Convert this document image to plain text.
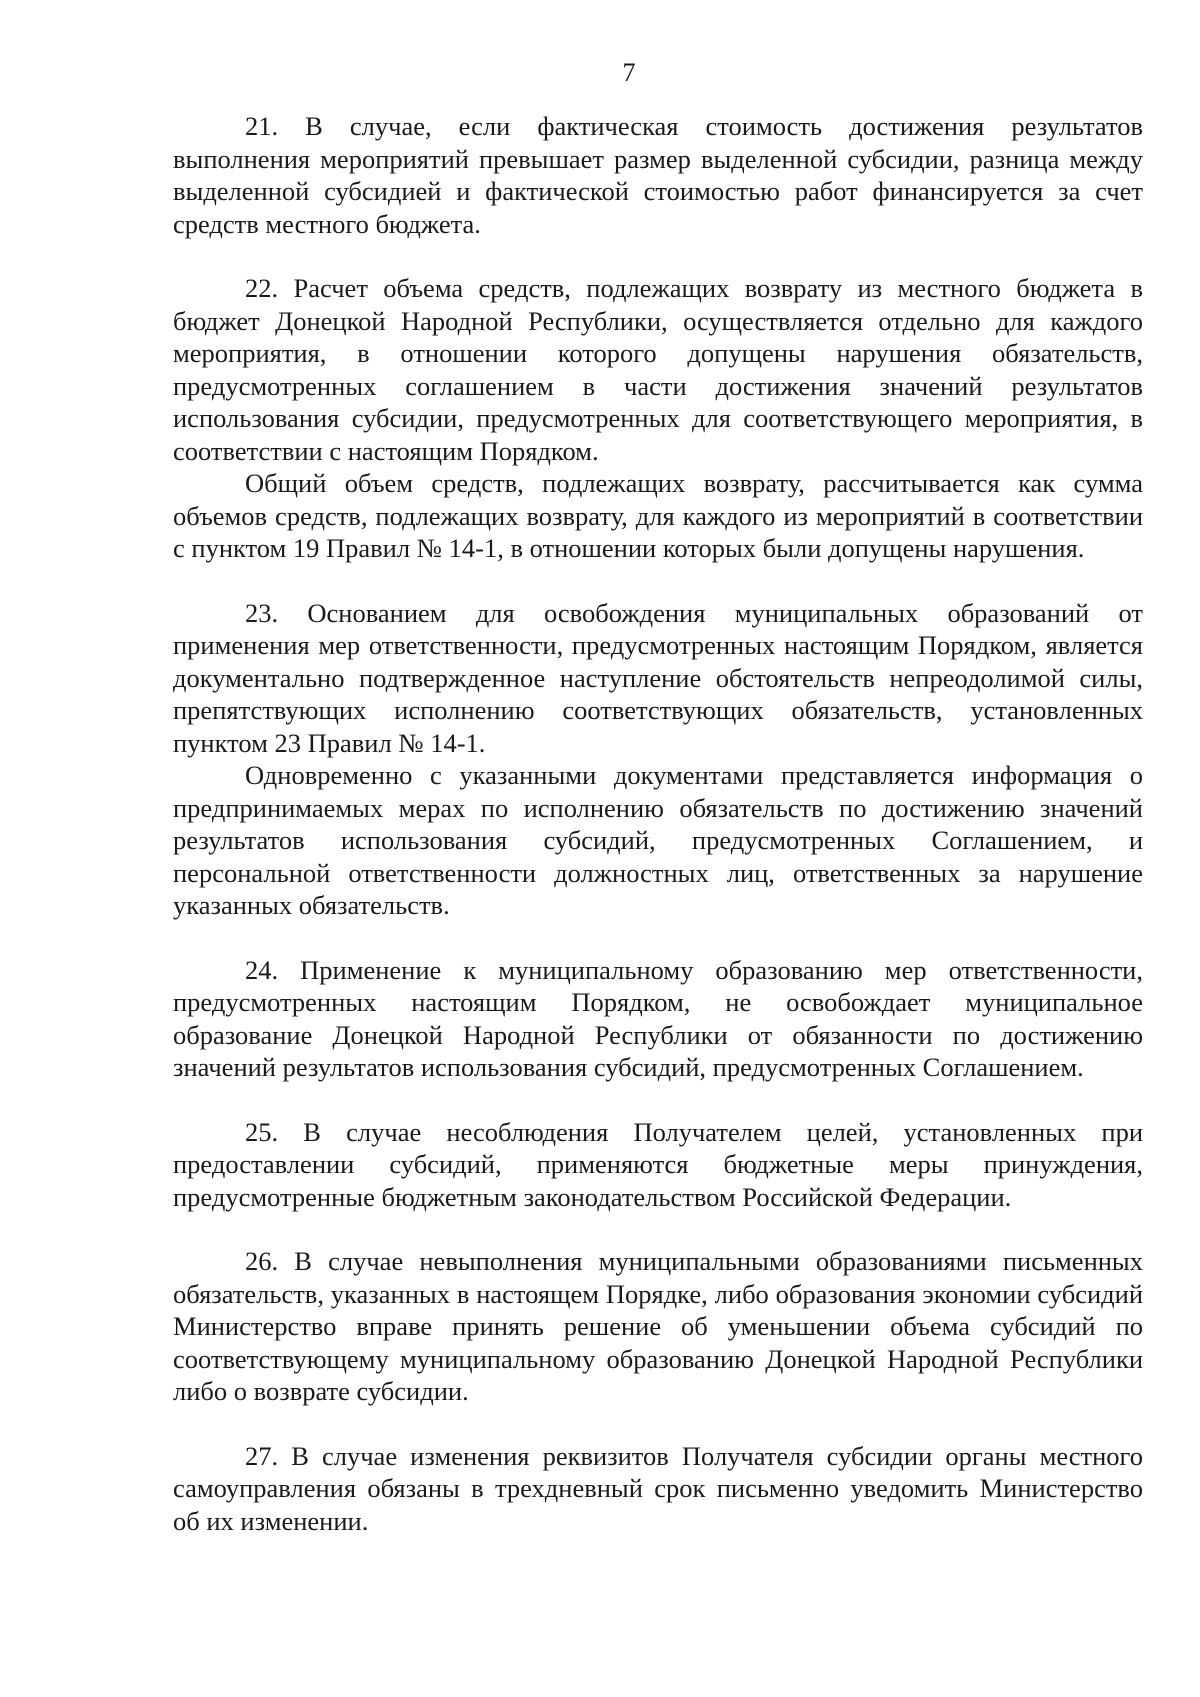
7

21. В случае, если фактическая стоимость достижения результатов выполнения мероприятий превышает размер выделенной субсидии, разница между выделенной субсидией и фактической стоимостью работ финансируется за счет средств местного бюджета.

22. Расчет объема средств, подлежащих возврату из местного бюджета в бюджет Донецкой Народной Республики, осуществляется отдельно для каждого мероприятия, в отношении которого допущены нарушения обязательств, предусмотренных соглашением в части достижения значений результатов использования субсидии, предусмотренных для соответствующего мероприятия, в соответствии с настоящим Порядком.

Общий объем средств, подлежащих возврату, рассчитывается как сумма объемов средств, подлежащих возврату, для каждого из мероприятий в соответствии с пунктом 19 Правил № 14-1, в отношении которых были допущены нарушения.

23. Основанием для освобождения муниципальных образований от применения мер ответственности, предусмотренных настоящим Порядком, является документально подтвержденное наступление обстоятельств непреодолимой силы, препятствующих исполнению соответствующих обязательств, установленных пунктом 23 Правил № 14-1.

Одновременно с указанными документами представляется информация о предпринимаемых мерах по исполнению обязательств по достижению значений результатов использования субсидий, предусмотренных Соглашением, и персональной ответственности должностных лиц, ответственных за нарушение указанных обязательств.

24. Применение к муниципальному образованию мер ответственности, предусмотренных настоящим Порядком, не освобождает муниципальное образование Донецкой Народной Республики от обязанности по достижению значений результатов использования субсидий, предусмотренных Соглашением.

25. В случае несоблюдения Получателем целей, установленных при предоставлении субсидий, применяются бюджетные меры принуждения, предусмотренные бюджетным законодательством Российской Федерации.

26. В случае невыполнения муниципальными образованиями письменных обязательств, указанных в настоящем Порядке, либо образования экономии субсидий Министерство вправе принять решение об уменьшении объема субсидий по соответствующему муниципальному образованию Донецкой Народной Республики либо о возврате субсидии.

27. В случае изменения реквизитов Получателя субсидии органы местного самоуправления обязаны в трехдневный срок письменно уведомить Министерство об их изменении.
